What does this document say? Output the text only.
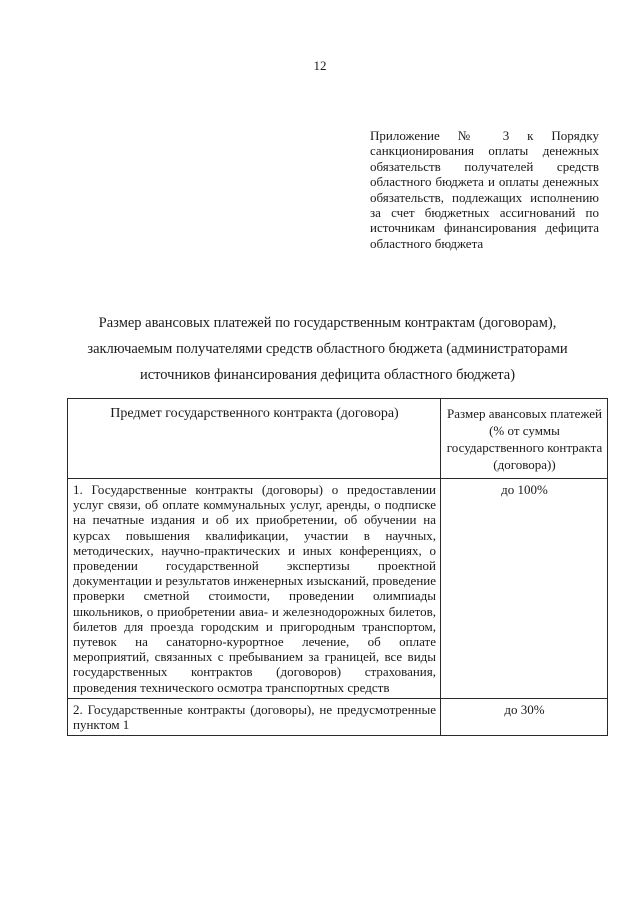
12
Приложение № 3 к Порядку санкционирования оплаты денежных обязательств получателей средств областного бюджета и оплаты денежных обязательств, подлежащих исполнению за счет бюджетных ассигнований по источникам финансирования дефицита областного бюджета
Размер авансовых платежей по государственным контрактам (договорам),
заключаемым получателями средств областного бюджета (администраторами
источников финансирования дефицита областного бюджета)
Предмет государственного контракта (договора)	Размер авансовых платежей (% от суммы государственного контракта (договора))
1. Государственные контракты (договоры) о предоставлении услуг связи, об оплате коммунальных услуг, аренды, о подписке на печатные издания и об их приобретении, об обучении на курсах повышения квалификации, участии в научных, методических, научно-практических и иных конференциях, о проведении государственной экспертизы проектной документации и результатов инженерных изысканий, проведение проверки сметной стоимости, проведении олимпиады школьников, о приобретении авиа- и железнодорожных билетов, билетов для проезда городским и пригородным транспортом, путевок на санаторно-курортное лечение, об оплате мероприятий, связанных с пребыванием за границей, все виды государственных контрактов (договоров) страхования, проведения технического осмотра транспортных средств	до 100%
2. Государственные контракты (договоры), не предусмотренные пунктом 1	до 30%
